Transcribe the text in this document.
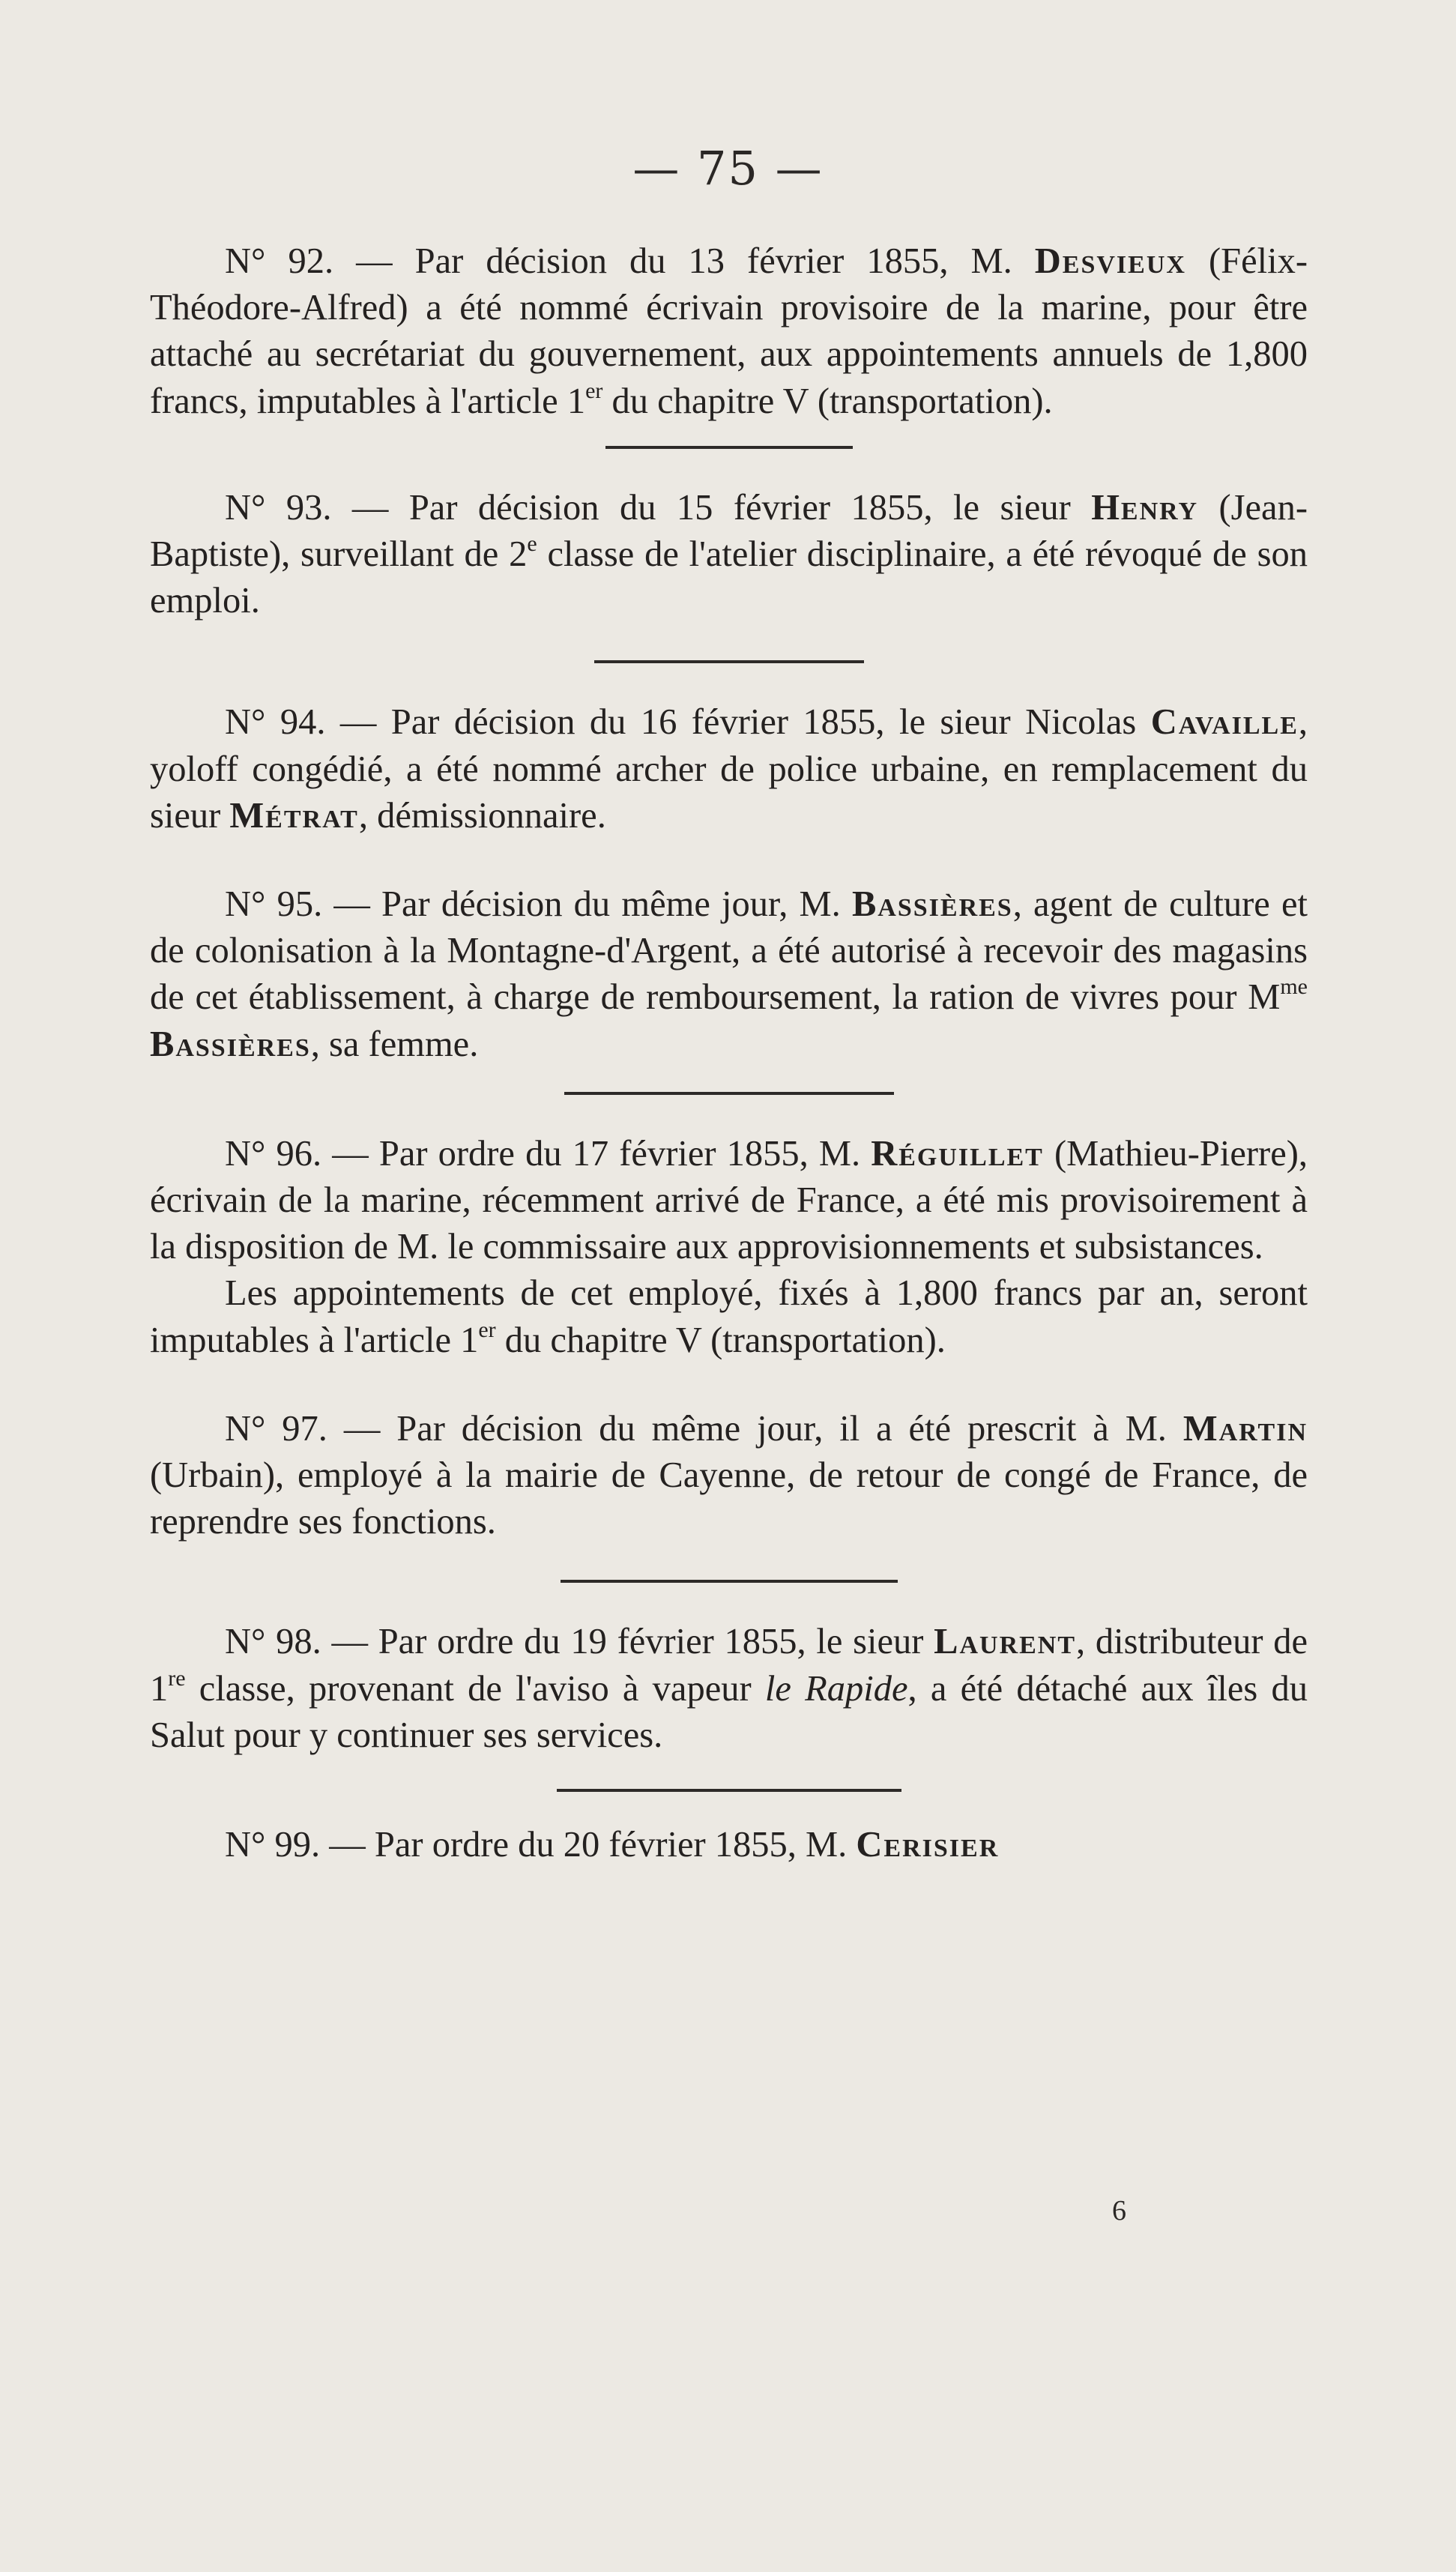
— 75 —

N° 92. — Par décision du 13 février 1855, M. Desvieux (Félix-Théodore-Alfred) a été nommé écrivain provisoire de la marine, pour être attaché au secrétariat du gouvernement, aux appointements annuels de 1,800 francs, imputables à l'article 1er du chapitre V (transportation).

N° 93. — Par décision du 15 février 1855, le sieur Henry (Jean-Baptiste), surveillant de 2e classe de l'atelier disciplinaire, a été révoqué de son emploi.

N° 94. — Par décision du 16 février 1855, le sieur Nicolas Cavaille, yoloff congédié, a été nommé archer de police urbaine, en remplacement du sieur Métrat, démissionnaire.

N° 95. — Par décision du même jour, M. Bassières, agent de culture et de colonisation à la Montagne-d'Argent, a été autorisé à recevoir des magasins de cet établissement, à charge de remboursement, la ration de vivres pour $M^{me}$ Bassières, sa femme.

N° 96. — Par ordre du 17 février 1855, M. Réguillet (Mathieu-Pierre), écrivain de la marine, récemment arrivé de France, a été mis provisoirement à la disposition de M. le commissaire aux approvisionnements et subsistances.

Les appointements de cet employé, fixés à 1,800 francs par an, seront imputables à l'article 1er du chapitre V (transportation).

N° 97. — Par décision du même jour, il a été prescrit à M. Martin (Urbain), employé à la mairie de Cayenne, de retour de congé de France, de reprendre ses fonctions.

N° 98. — Par ordre du 19 février 1855, le sieur Laurent, distributeur de 1re classe, provenant de l'aviso à vapeur le Rapide, a été détaché aux îles du Salut pour y continuer ses services.

N° 99. — Par ordre du 20 février 1855, M. Cerisier

6
